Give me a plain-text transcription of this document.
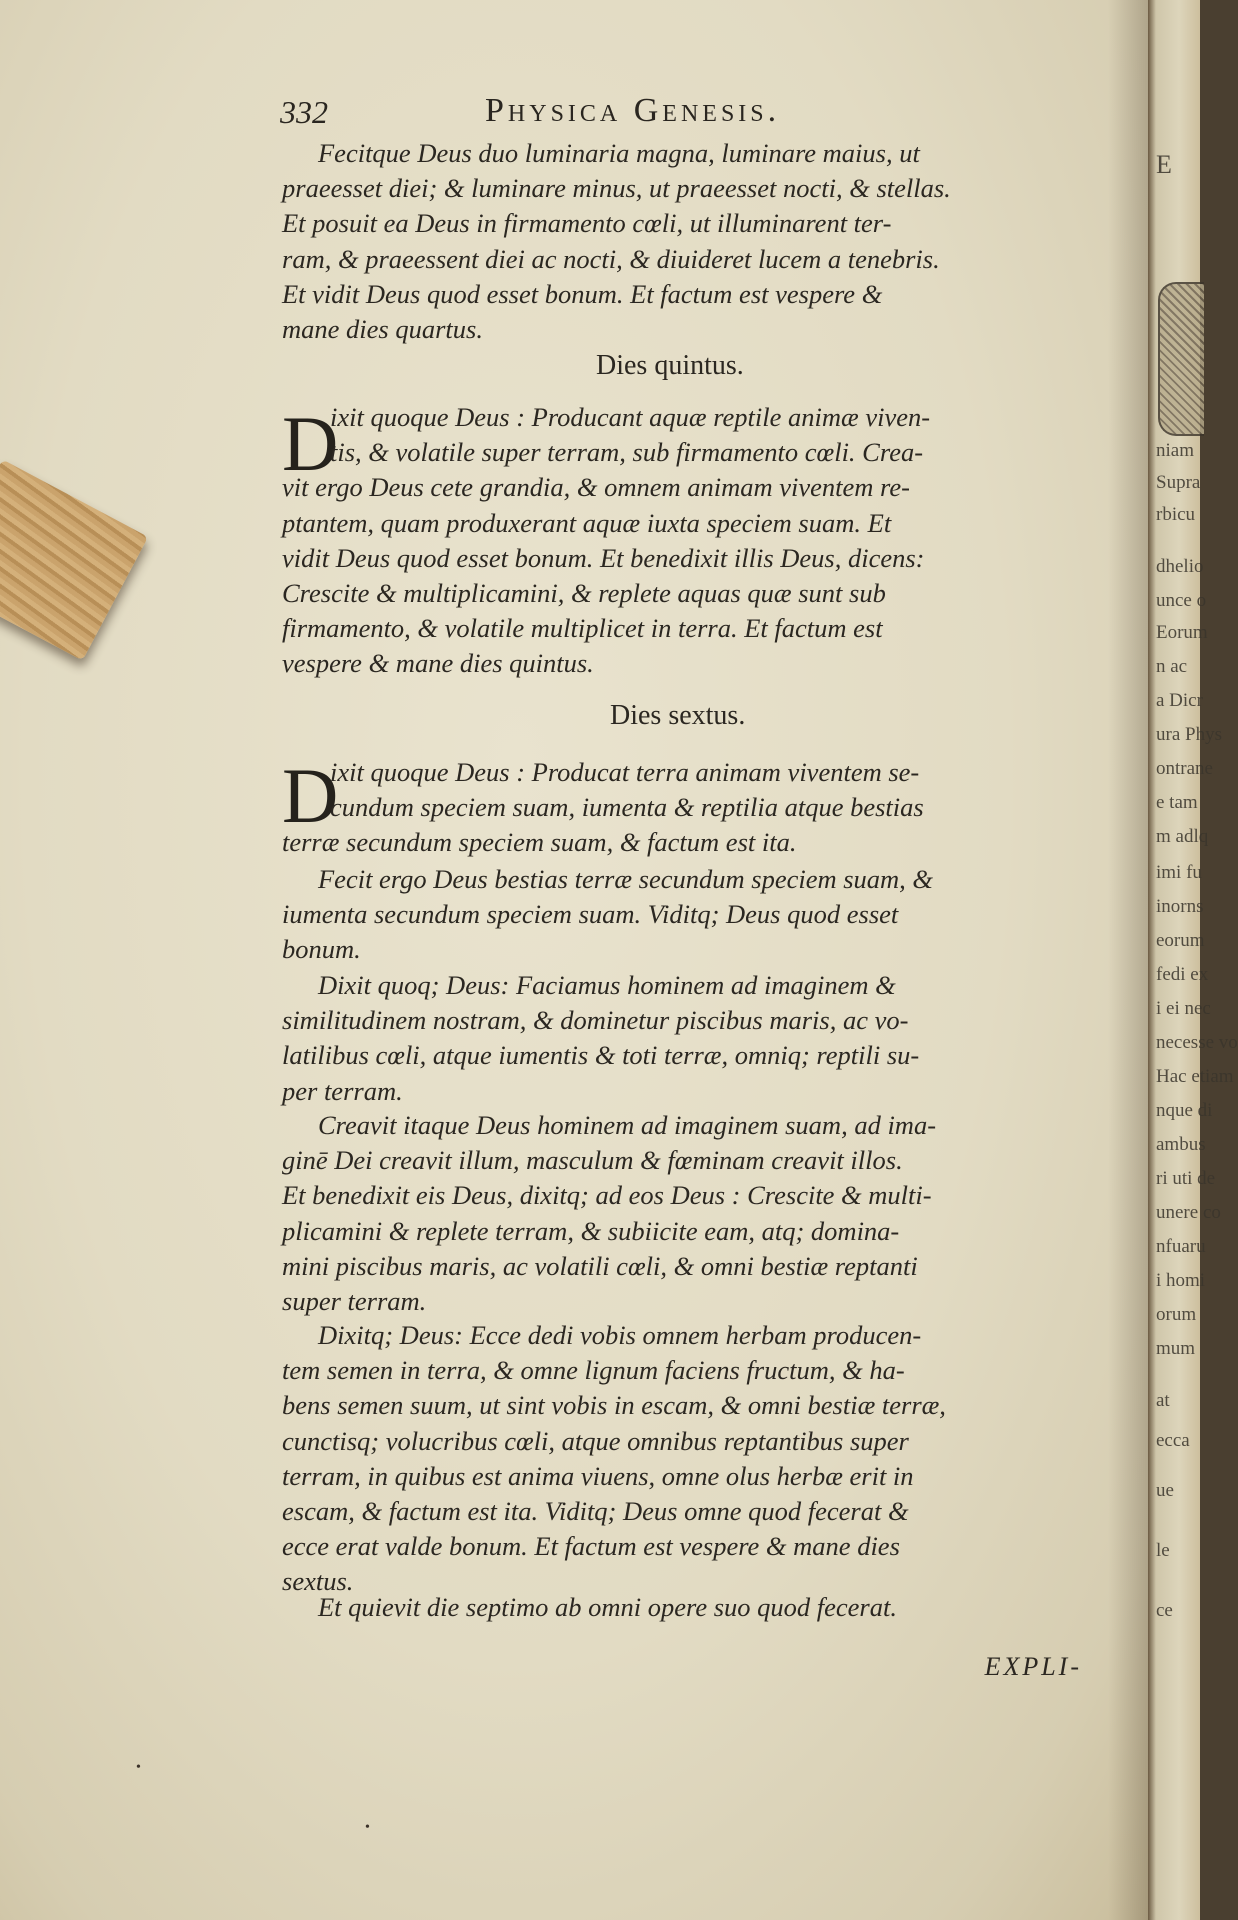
332	Physica Genesis.

Fecitque Deus duo luminaria magna, luminare maius, ut

praeesset diei; & luminare minus, ut praeesset nocti, & stellas.

Et posuit ea Deus in firmamento cœli, ut illuminarent ter-

ram, & praeessent diei ac nocti, & diuideret lucem a tenebris.

Et vidit Deus quod esset bonum. Et factum est vespere &

mane dies quartus.

Dies quintus.
D

ixit quoque Deus : Producant aquæ reptile animæ viven-

tis, & volatile super terram, sub firmamento cœli. Crea-

vit ergo Deus cete grandia, & omnem animam viventem re-

ptantem, quam produxerant aquæ iuxta speciem suam. Et

vidit Deus quod esset bonum. Et benedixit illis Deus, dicens:

Crescite & multiplicamini, & replete aquas quæ sunt sub

firmamento, & volatile multiplicet in terra. Et factum est

vespere & mane dies quintus.

Dies sextus.
D

ixit quoque Deus : Producat terra animam viventem se-

cundum speciem suam, iumenta & reptilia atque bestias

terræ secundum speciem suam, & factum est ita.

Fecit ergo Deus bestias terræ secundum speciem suam, &

iumenta secundum speciem suam. Viditq; Deus quod esset

bonum.

Dixit quoq; Deus: Faciamus hominem ad imaginem &

similitudinem nostram, & dominetur piscibus maris, ac vo-

latilibus cœli, atque iumentis & toti terræ, omniq; reptili su-

per terram.

Creavit itaque Deus hominem ad imaginem suam, ad ima-

ginē Dei creavit illum, masculum & fœminam creavit illos.

Et benedixit eis Deus, dixitq; ad eos Deus : Crescite & multi-

plicamini & replete terram, & subiicite eam, atq; domina-

mini piscibus maris, ac volatili cœli, & omni bestiæ reptanti

super terram.

Dixitq; Deus: Ecce dedi vobis omnem herbam producen-

tem semen in terra, & omne lignum faciens fructum, & ha-

bens semen suum, ut sint vobis in escam, & omni bestiæ terræ,

cunctisq; volucribus cœli, atque omnibus reptantibus super

terram, in quibus est anima viuens, omne olus herbæ erit in

escam, & factum est ita. Viditq; Deus omne quod fecerat &

ecce erat valde bonum. Et factum est vespere & mane dies

sextus.

Et quievit die septimo ab omni opere suo quod fecerat.

EXPLI-
•
•
E
niam
Supra
rbicu
dhelio
unce o
Eorum
n ac
a Dicr
ura Phys
ontrane
e tam
m adlq
imi fu
inorns
eorum
fedi ex
i ei nec
necesse vo
Hac etiam
nque di
ambus
ri uti de
unere co
nfuaru
i homi
orum
mum
at
ecca
ue
le
ce
